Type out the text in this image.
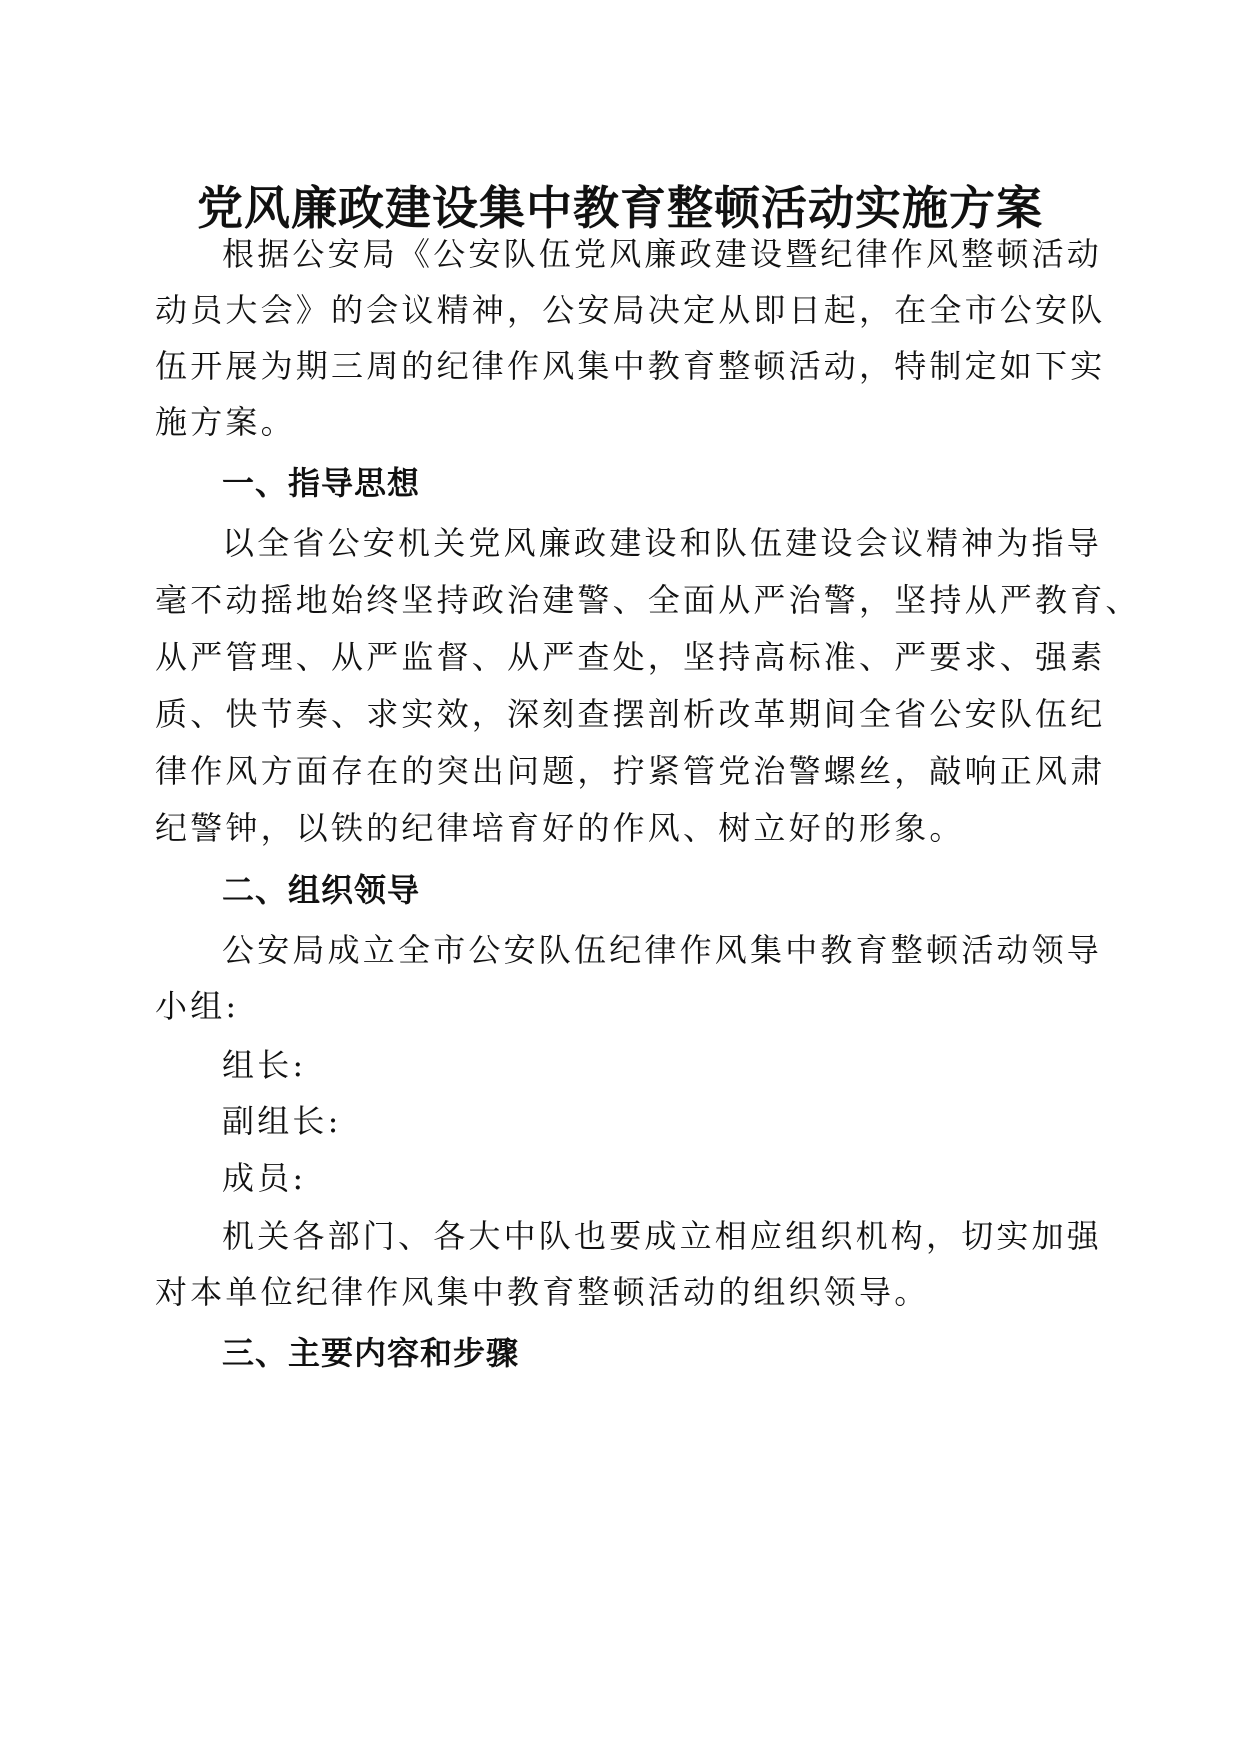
党风廉政建设集中教育整顿活动实施方案
根据公安局《公安队伍党风廉政建设暨纪律作风整顿活动
动员大会》的会议精神，公安局决定从即日起，在全市公安队
伍开展为期三周的纪律作风集中教育整顿活动，特制定如下实
施方案。
一、指导思想
以全省公安机关党风廉政建设和队伍建设会议精神为指导
毫不动摇地始终坚持政治建警、全面从严治警，坚持从严教育、
从严管理、从严监督、从严查处，坚持高标准、严要求、强素
质、快节奏、求实效，深刻查摆剖析改革期间全省公安队伍纪
律作风方面存在的突出问题，拧紧管党治警螺丝，敲响正风肃
纪警钟，以铁的纪律培育好的作风、树立好的形象。
二、组织领导
公安局成立全市公安队伍纪律作风集中教育整顿活动领导
小组:
组长:
副组长:
成员:
机关各部门、各大中队也要成立相应组织机构，切实加强
对本单位纪律作风集中教育整顿活动的组织领导。
三、主要内容和步骤
